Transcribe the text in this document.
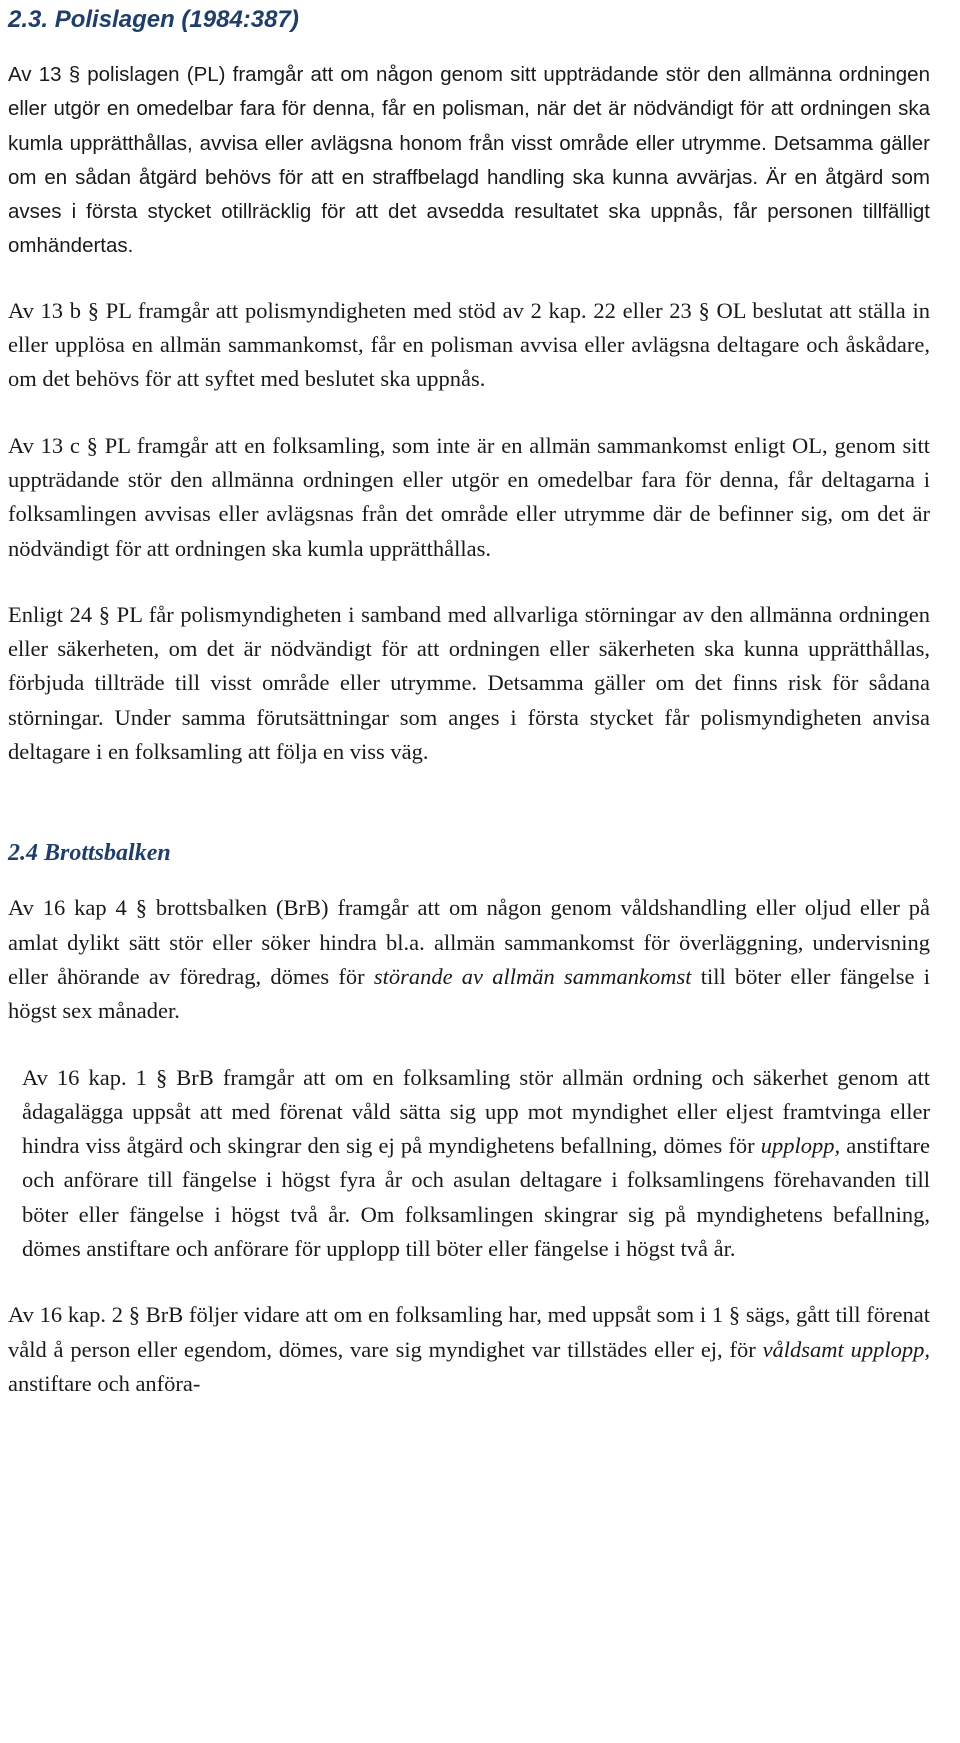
2.3. Polislagen (1984:387)

Av 13 § polislagen (PL) framgår att om någon genom sitt uppträdande stör den allmänna ordningen eller utgör en omedelbar fara för denna, får en polisman, när det är nödvändigt för att ordningen ska kumla upprätthållas, avvisa eller avlägsna honom från visst område eller utrymme. Detsamma gäller om en sådan åtgärd behövs för att en straffbelagd handling ska kunna avvärjas. Är en åtgärd som avses i första stycket otillräcklig för att det avsedda resultatet ska uppnås, får personen tillfälligt omhändertas.

Av 13 b § PL framgår att polismyndigheten med stöd av 2 kap. 22 eller 23 § OL beslutat att ställa in eller upplösa en allmän sammankomst, får en polisman avvisa eller avlägsna deltagare och åskådare, om det behövs för att syftet med beslutet ska uppnås.

Av 13 c § PL framgår att en folksamling, som inte är en allmän sammankomst enligt OL, genom sitt uppträdande stör den allmänna ordningen eller utgör en omedelbar fara för denna, får deltagarna i folksamlingen avvisas eller avlägsnas från det område eller utrymme där de befinner sig, om det är nödvändigt för att ordningen ska kumla upprätthållas.

Enligt 24 § PL får polismyndigheten i samband med allvarliga störningar av den allmänna ordningen eller säkerheten, om det är nödvändigt för att ordningen eller säkerheten ska kunna upprätthållas, förbjuda tillträde till visst område eller utrymme. Detsamma gäller om det finns risk för sådana störningar. Under samma förutsättningar som anges i första stycket får polismyndigheten anvisa deltagare i en folksamling att följa en viss väg.

2.4 Brottsbalken

Av 16 kap 4 § brottsbalken (BrB) framgår att om någon genom våldshandling eller oljud eller på amlat dylikt sätt stör eller söker hindra bl.a. allmän sammankomst för överläggning, undervisning eller åhörande av föredrag, dömes för störande av allmän sammankomst till böter eller fängelse i högst sex månader.

Av 16 kap. 1 § BrB framgår att om en folksamling stör allmän ordning och säkerhet genom att ådagalägga uppsåt att med förenat våld sätta sig upp mot myndighet eller eljest framtvinga eller hindra viss åtgärd och skingrar den sig ej på myndighetens befallning, dömes för upplopp, anstiftare och anförare till fängelse i högst fyra år och asulan deltagare i folksamlingens förehavanden till böter eller fängelse i högst två år. Om folksamlingen skingrar sig på myndighetens befallning, dömes anstiftare och anförare för upplopp till böter eller fängelse i högst två år.

Av 16 kap. 2 § BrB följer vidare att om en folksamling har, med uppsåt som i 1 § sägs, gått till förenat våld å person eller egendom, dömes, vare sig myndighet var tillstädes eller ej, för våldsamt upplopp, anstiftare och anföra-
